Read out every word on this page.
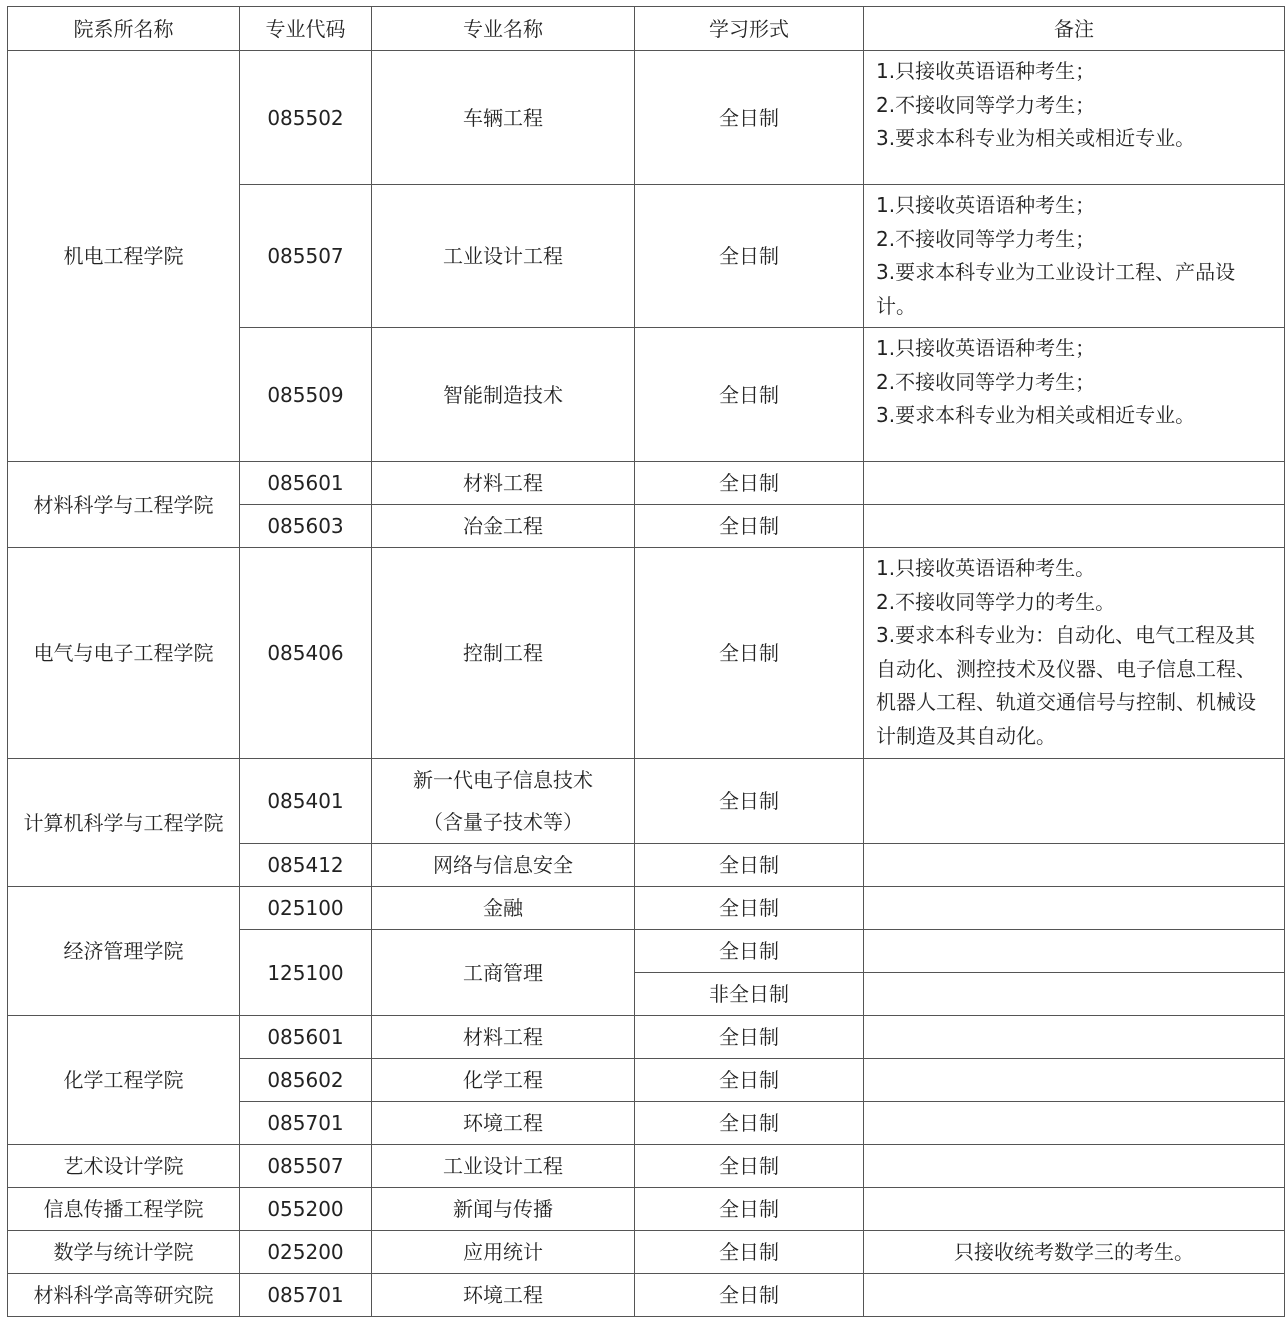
院系所名称	专业代码	专业名称	学习形式	备注
机电工程学院	085502	车辆工程	全日制	1.只接收英语语种考生；
2.不接收同等学力考生；
3.要求本科专业为相关或相近专业。

	085507	工业设计工程	全日制	1.只接收英语语种考生；
2.不接收同等学力考生；
3.要求本科专业为工业设计工程、产品设计。

	085509	智能制造技术	全日制	1.只接收英语语种考生；
2.不接收同等学力考生；
3.要求本科专业为相关或相近专业。

材料科学与工程学院	085601	材料工程	全日制	
	085603	冶金工程	全日制	
电气与电子工程学院	085406	控制工程	全日制	1.只接收英语语种考生。
2.不接收同等学力的考生。
3.要求本科专业为：自动化、电气工程及其自动化、测控技术及仪器、电子信息工程、机器人工程、轨道交通信号与控制、机械设计制造及其自动化。

计算机科学与工程学院	085401	新一代电子信息技术
（含量子技术等）	全日制	
	085412	网络与信息安全	全日制	
经济管理学院	025100	金融	全日制	
	125100	工商管理	全日制	
			非全日制	
化学工程学院	085601	材料工程	全日制	
	085602	化学工程	全日制	
	085701	环境工程	全日制	
艺术设计学院	085507	工业设计工程	全日制	
信息传播工程学院	055200	新闻与传播	全日制	
数学与统计学院	025200	应用统计	全日制	只接收统考数学三的考生。
材料科学高等研究院	085701	环境工程	全日制	
